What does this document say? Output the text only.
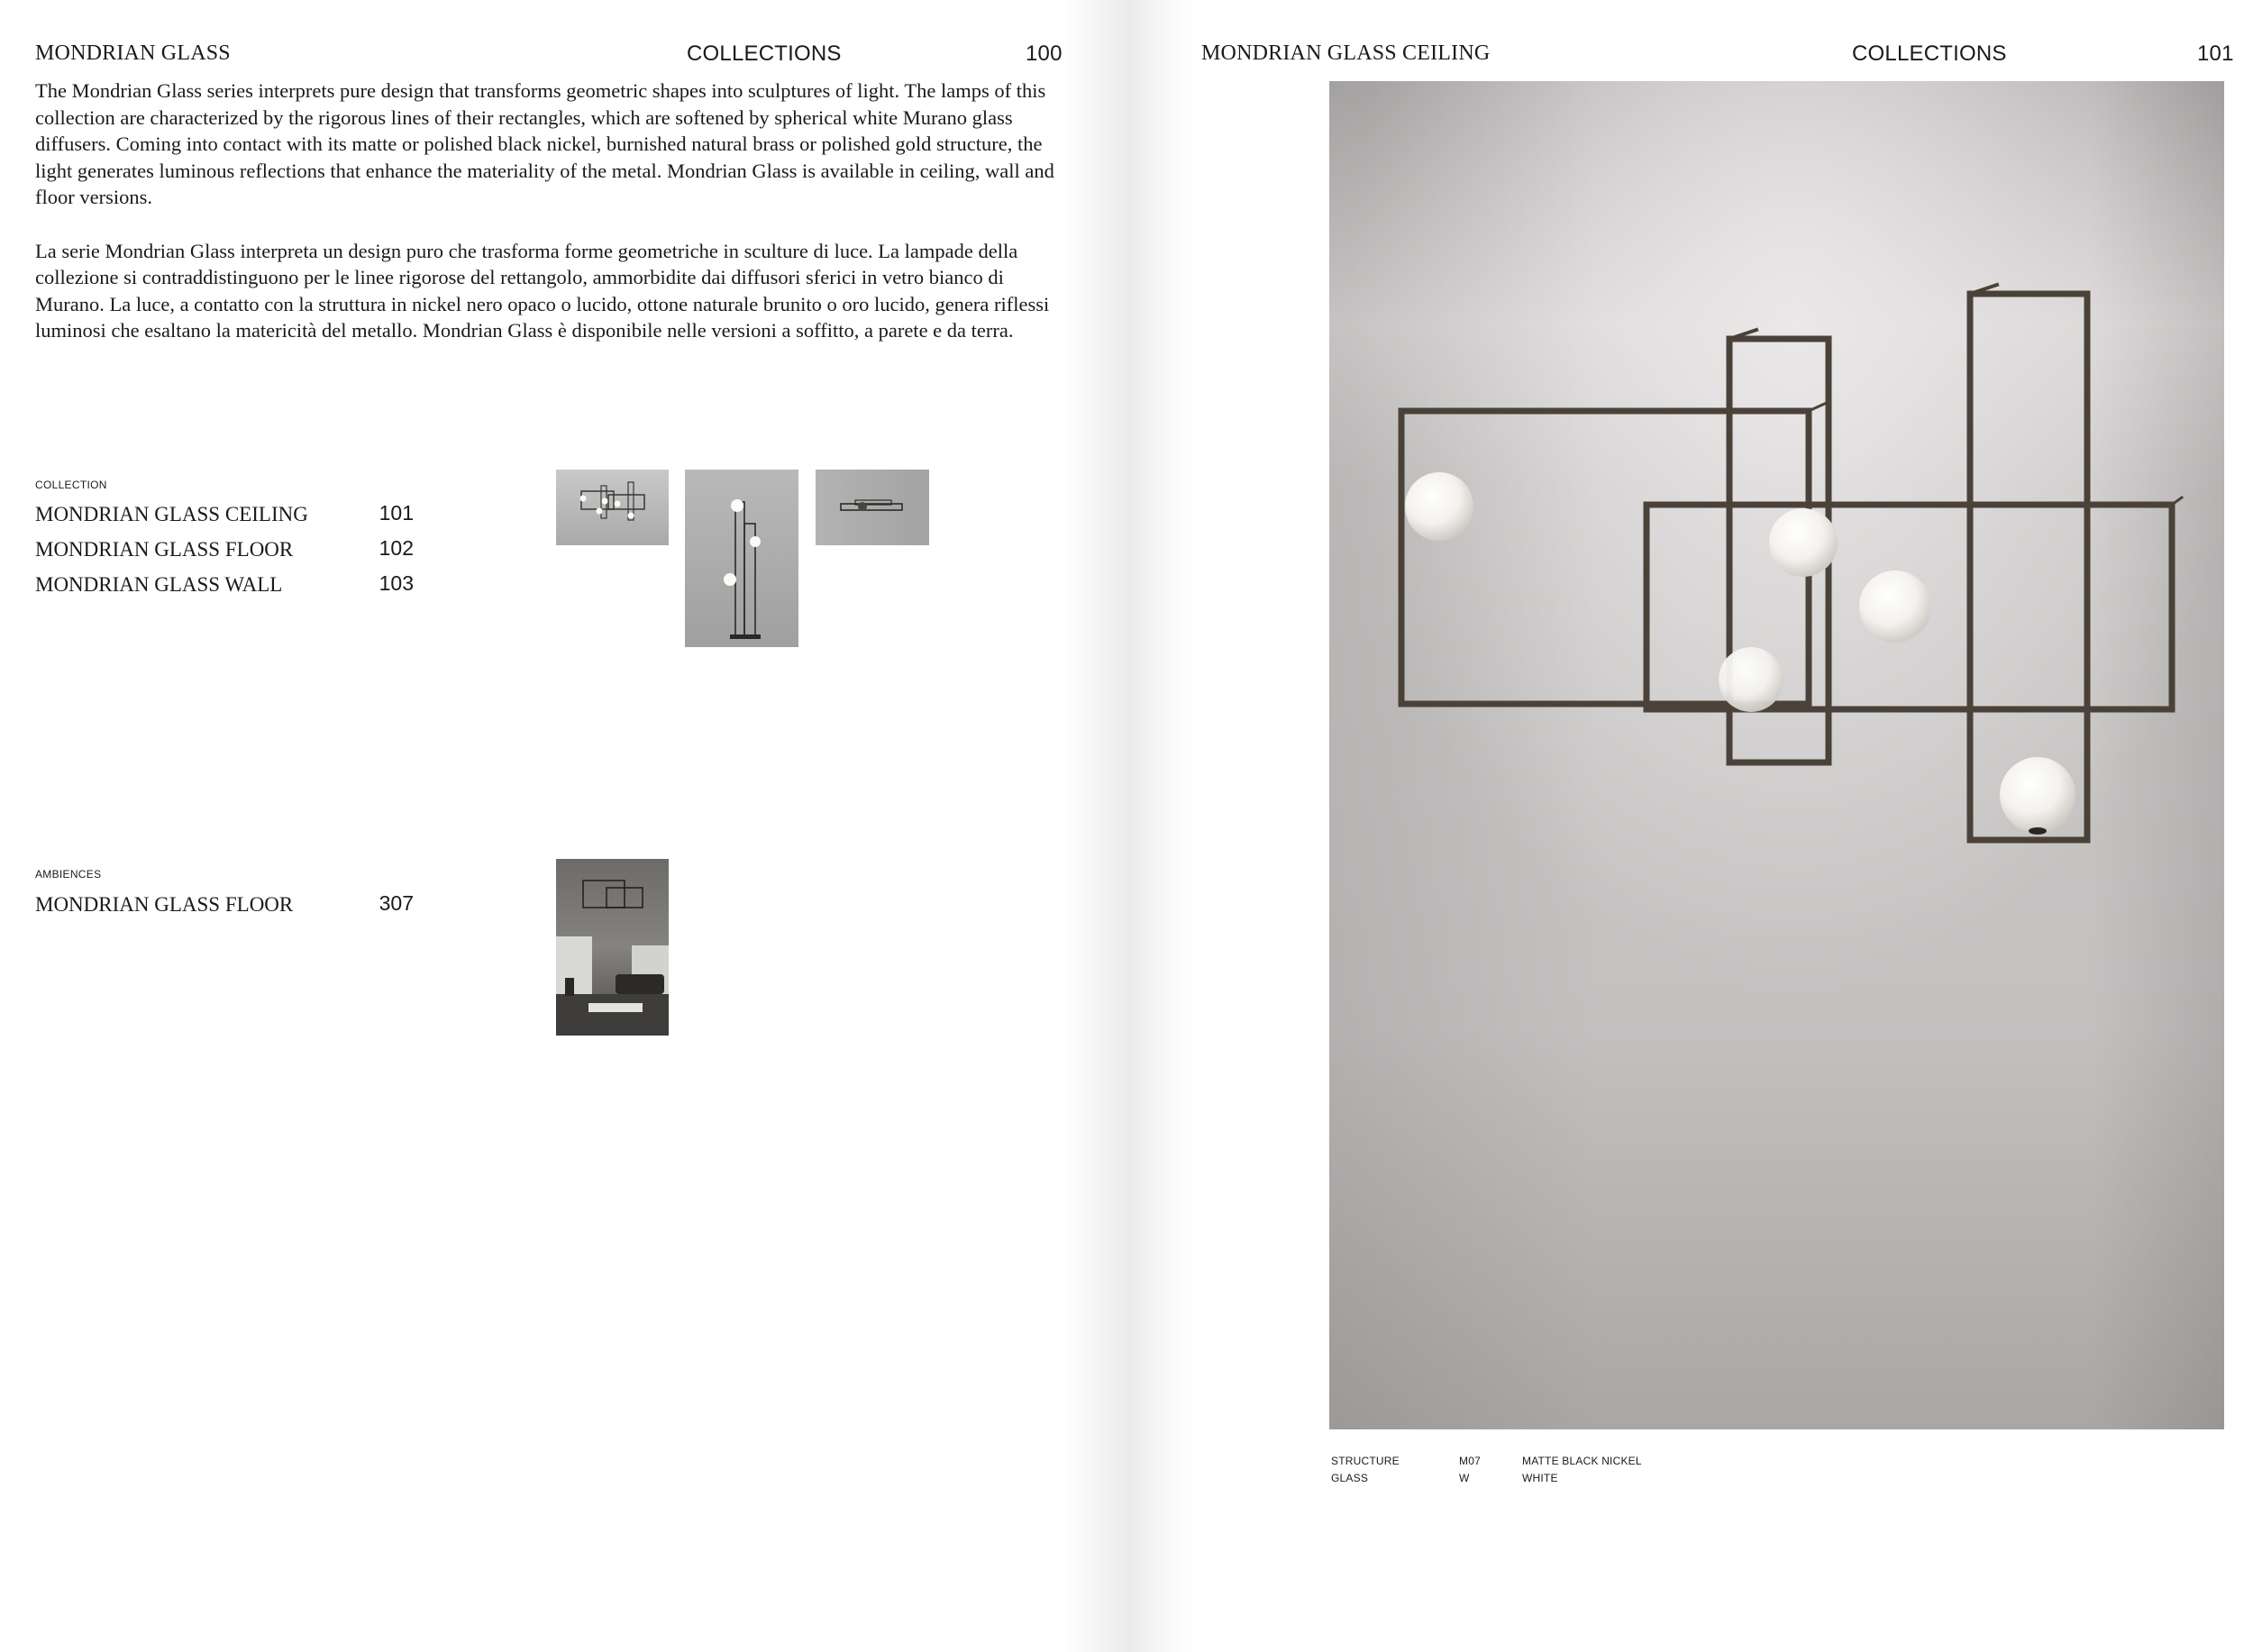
MONDRIAN GLASS	COLLECTIONS	100

The Mondrian Glass series interprets pure design that transforms geometric shapes into sculptures of light. The lamps of this collection are characterized by the rigorous lines of their rectangles, which are softened by spherical white Murano glass diffusers. Coming into contact with its matte or polished black nickel, burnished natural brass or polished gold structure, the light generates luminous reflections that enhance the materiality of the metal. Mondrian Glass is available in ceiling, wall and floor versions.

La serie Mondrian Glass interpreta un design puro che trasforma forme geometriche in sculture di luce. La lampade della collezione si contraddistinguono per le linee rigorose del rettangolo, ammorbidite dai diffusori sferici in vetro bianco di Murano. La luce, a contatto con la struttura in nickel nero opaco o lucido, ottone naturale brunito o oro lucido, genera riflessi luminosi che esaltano la matericità del metallo. Mondrian Glass è disponibile nelle versioni a soffitto, a parete e da terra.

COLLECTION
MONDRIAN GLASS CEILING	101
MONDRIAN GLASS FLOOR	102
MONDRIAN GLASS WALL	103
AMBIENCES
MONDRIAN GLASS FLOOR	307
MONDRIAN GLASS CEILING	COLLECTIONS	101
STRUCTURE	M07	MATTE BLACK NICKEL
GLASS	W	WHITE
